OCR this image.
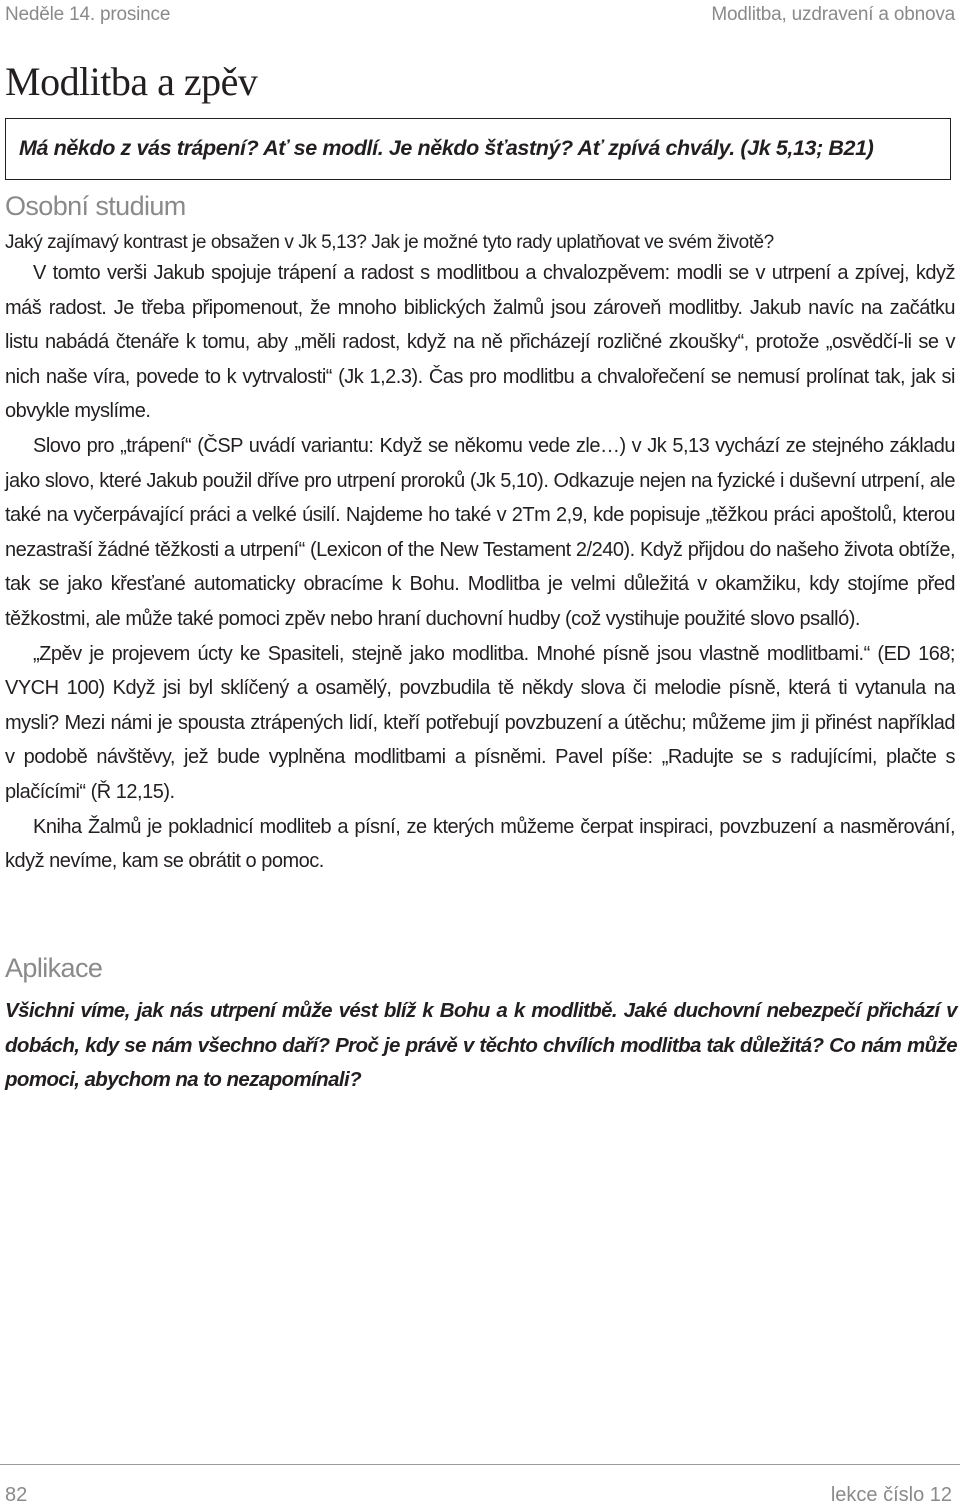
Neděle 14. prosince	Modlitba, uzdravení a obnova
Modlitba a zpěv
Má někdo z vás trápení? Ať se modlí. Je někdo šťastný? Ať zpívá chvály. (Jk 5,13; B21)
Osobní studium
Jaký zajímavý kontrast je obsažen v Jk 5,13? Jak je možné tyto rady uplatňovat ve svém životě?

V tomto verši Jakub spojuje trápení a radost s modlitbou a chvalozpěvem: modli se v utrpení a zpívej, když máš radost. Je třeba připomenout, že mnoho biblických žalmů jsou zároveň modlitby. Jakub navíc na začátku listu nabádá čtenáře k tomu, aby „měli radost, když na ně přicházejí rozličné zkoušky“, protože „osvědčí-li se v nich naše víra, povede to k vytrvalosti“ (Jk 1,2.3). Čas pro modlitbu a chvalořečení se nemusí prolínat tak, jak si obvykle myslíme.

Slovo pro „trápení“ (ČSP uvádí variantu: Když se někomu vede zle…) v Jk 5,13 vychází ze stejného základu jako slovo, které Jakub použil dříve pro utrpení proroků (Jk 5,10). Odkazuje nejen na fyzické i duševní utrpení, ale také na vyčerpávající práci a velké úsilí. Najdeme ho také v 2Tm 2,9, kde popisuje „těžkou práci apoštolů, kterou nezastraší žádné těžkosti a utrpení“ (Lexicon of the New Testament 2/240). Když přijdou do našeho života obtíže, tak se jako křesťané automaticky obracíme k Bohu. Modlitba je velmi důležitá v okamžiku, kdy stojíme před těžkostmi, ale může také pomoci zpěv nebo hraní duchovní hudby (což vystihuje použité slovo psalló).

„Zpěv je projevem úcty ke Spasiteli, stejně jako modlitba. Mnohé písně jsou vlastně modlitbami.“ (ED 168; VYCH 100) Když jsi byl sklíčený a osamělý, povzbudila tě někdy slova či melodie písně, která ti vytanula na mysli? Mezi námi je spousta ztrápených lidí, kteří potřebují povzbuzení a útěchu; můžeme jim ji přinést například v podobě návštěvy, jež bude vyplněna modlitbami a písněmi. Pavel píše: „Radujte se s radujícími, plačte s plačícími“ (Ř 12,15).

Kniha Žalmů je pokladnicí modliteb a písní, ze kterých můžeme čerpat inspiraci, povzbuzení a nasměrování, když nevíme, kam se obrátit o pomoc.

Aplikace

Všichni víme, jak nás utrpení může vést blíž k Bohu a k modlitbě. Jaké duchovní nebezpečí přichází v dobách, kdy se nám všechno daří? Proč je právě v těchto chvílích modlitba tak důležitá? Co nám může pomoci, abychom na to nezapomínali?

82	lekce číslo 12
